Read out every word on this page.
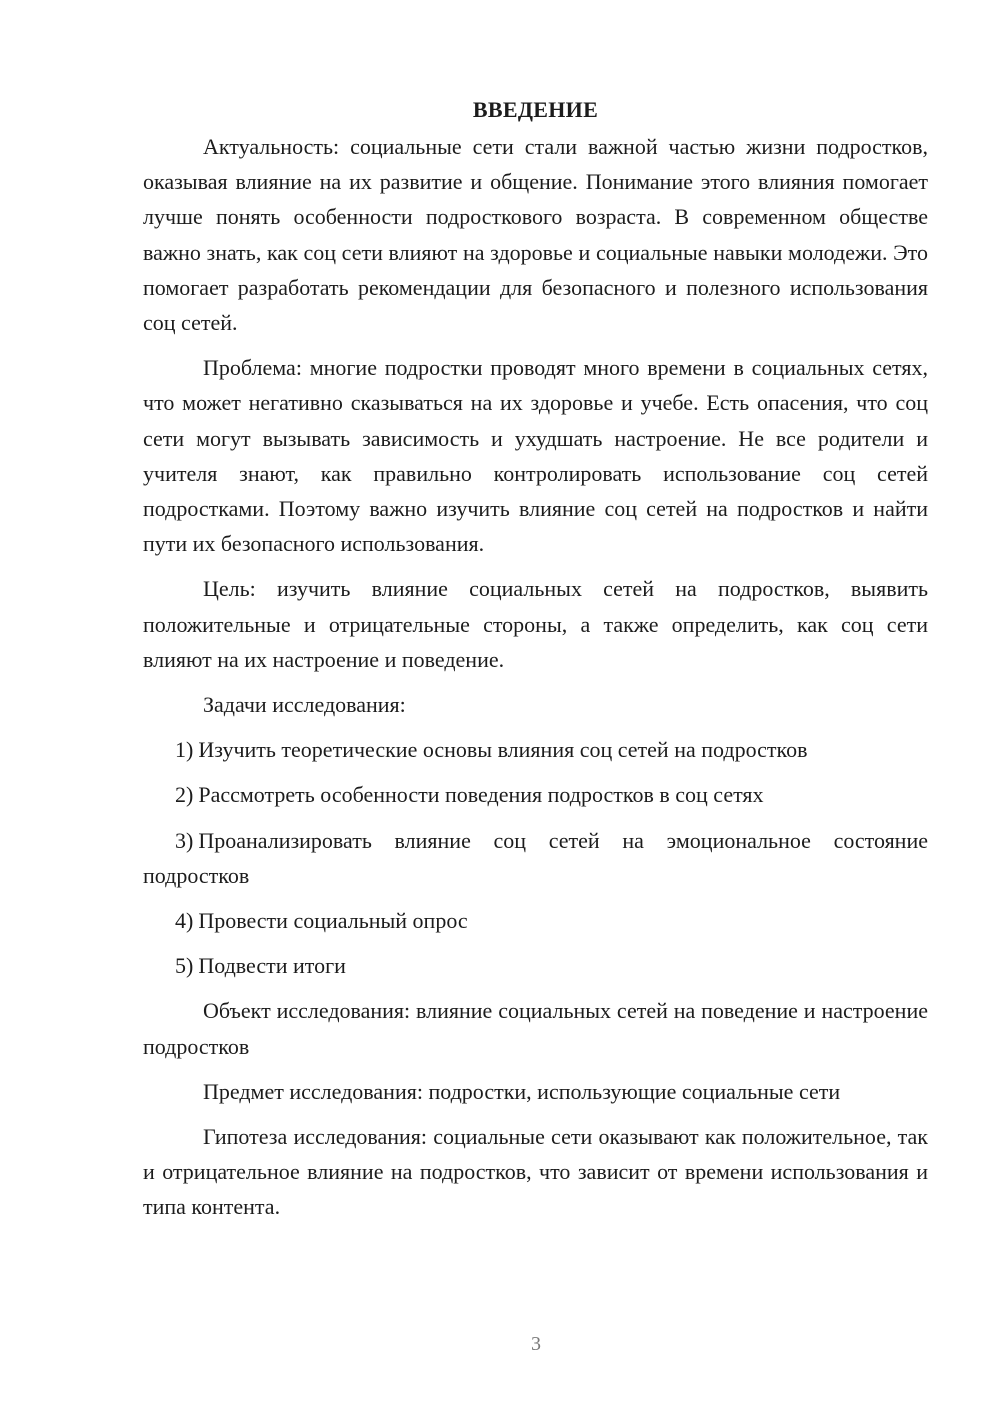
ВВЕДЕНИЕ

Актуальность: социальные сети стали важной частью жизни подростков, оказывая влияние на их развитие и общение. Понимание этого влияния помогает лучше понять особенности подросткового возраста. В современном обществе важно знать, как соц сети влияют на здоровье и социальные навыки молодежи. Это помогает разработать рекомендации для безопасного и полезного использования соц сетей.

Проблема: многие подростки проводят много времени в социальных сетях, что может негативно сказываться на их здоровье и учебе. Есть опасения, что соц сети могут вызывать зависимость и ухудшать настроение. Не все родители и учителя знают, как правильно контролировать использование соц сетей подростками. Поэтому важно изучить влияние соц сетей на подростков и найти пути их безопасного использования.

Цель: изучить влияние социальных сетей на подростков, выявить положительные и отрицательные стороны, а также определить, как соц сети влияют на их настроение и поведение.

Задачи исследования:

1) Изучить теоретические основы влияния соц сетей на подростков
2) Рассмотреть особенности поведения подростков в соц сетях
3) Проанализировать влияние соц сетей на эмоциональное состояние подростков
4) Провести социальный опрос
5) Подвести итоги

Объект исследования: влияние социальных сетей на поведение и настроение подростков

Предмет исследования: подростки, использующие социальные сети

Гипотеза исследования: социальные сети оказывают как положительное, так и отрицательное влияние на подростков, что зависит от времени использования и типа контента.

3
